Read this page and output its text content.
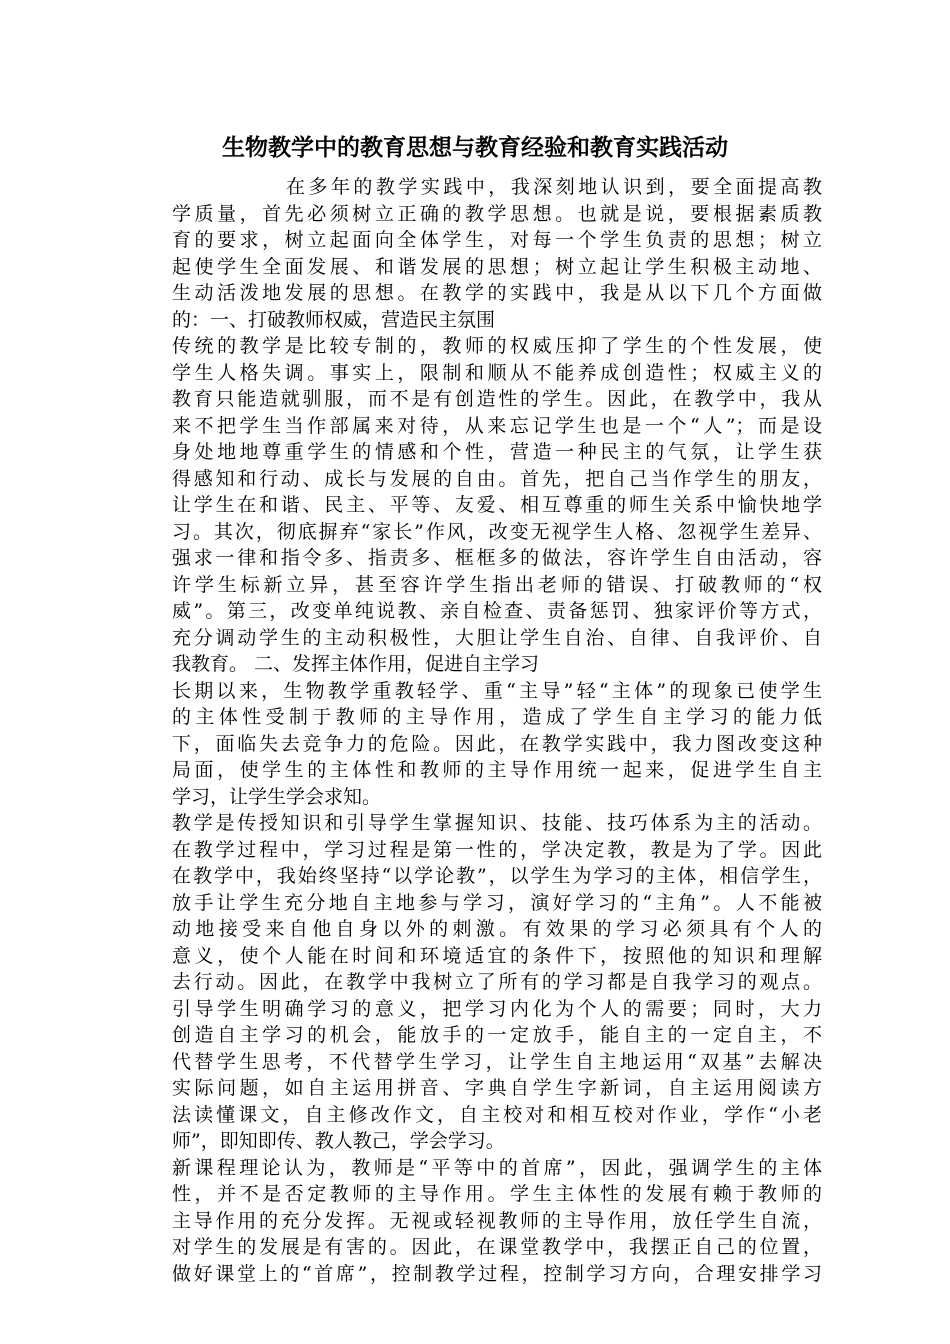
生物教学中的教育思想与教育经验和教育实践活动
在多年的教学实践中，我深刻地认识到，要全面提高教
学质量，首先必须树立正确的教学思想。也就是说，要根据素质教
育的要求，树立起面向全体学生，对每一个学生负责的思想；树立
起使学生全面发展、和谐发展的思想；树立起让学生积极主动地、
生动活泼地发展的思想。在教学的实践中，我是从以下几个方面做
的：一、打破教师权威，营造民主氛围
传统的教学是比较专制的，教师的权威压抑了学生的个性发展，使
学生人格失调。事实上，限制和顺从不能养成创造性；权威主义的
教育只能造就驯服，而不是有创造性的学生。因此，在教学中，我从
来不把学生当作部属来对待，从来忘记学生也是一个“人”；而是设
身处地地尊重学生的情感和个性，营造一种民主的气氛，让学生获
得感知和行动、成长与发展的自由。首先，把自己当作学生的朋友，
让学生在和谐、民主、平等、友爱、相互尊重的师生关系中愉快地学
习。其次，彻底摒弃“家长”作风，改变无视学生人格、忽视学生差异、
强求一律和指令多、指责多、框框多的做法，容许学生自由活动，容
许学生标新立异，甚至容许学生指出老师的错误、打破教师的“权
威”。第三，改变单纯说教、亲自检查、责备惩罚、独家评价等方式，
充分调动学生的主动积极性，大胆让学生自治、自律、自我评价、自
我教育。 二、发挥主体作用，促进自主学习
长期以来，生物教学重教轻学、重“主导”轻“主体”的现象已使学生
的主体性受制于教师的主导作用，造成了学生自主学习的能力低
下，面临失去竞争力的危险。因此，在教学实践中，我力图改变这种
局面，使学生的主体性和教师的主导作用统一起来，促进学生自主
学习，让学生学会求知。
教学是传授知识和引导学生掌握知识、技能、技巧体系为主的活动。
在教学过程中，学习过程是第一性的，学决定教，教是为了学。因此
在教学中，我始终坚持“以学论教”，以学生为学习的主体，相信学生，
放手让学生充分地自主地参与学习，演好学习的“主角”。人不能被
动地接受来自他自身以外的刺激。有效果的学习必须具有个人的
意义，使个人能在时间和环境适宜的条件下，按照他的知识和理解
去行动。因此，在教学中我树立了所有的学习都是自我学习的观点。
引导学生明确学习的意义，把学习内化为个人的需要；同时，大力
创造自主学习的机会，能放手的一定放手，能自主的一定自主，不
代替学生思考，不代替学生学习，让学生自主地运用“双基”去解决
实际问题，如自主运用拼音、字典自学生字新词，自主运用阅读方
法读懂课文，自主修改作文，自主校对和相互校对作业，学作“小老
师”，即知即传、教人教己，学会学习。
新课程理论认为，教师是“平等中的首席”，因此，强调学生的主体
性，并不是否定教师的主导作用。学生主体性的发展有赖于教师的
主导作用的充分发挥。无视或轻视教师的主导作用，放任学生自流，
对学生的发展是有害的。因此，在课堂教学中，我摆正自己的位置，
做好课堂上的“首席”，控制教学过程，控制学习方向，合理安排学习
